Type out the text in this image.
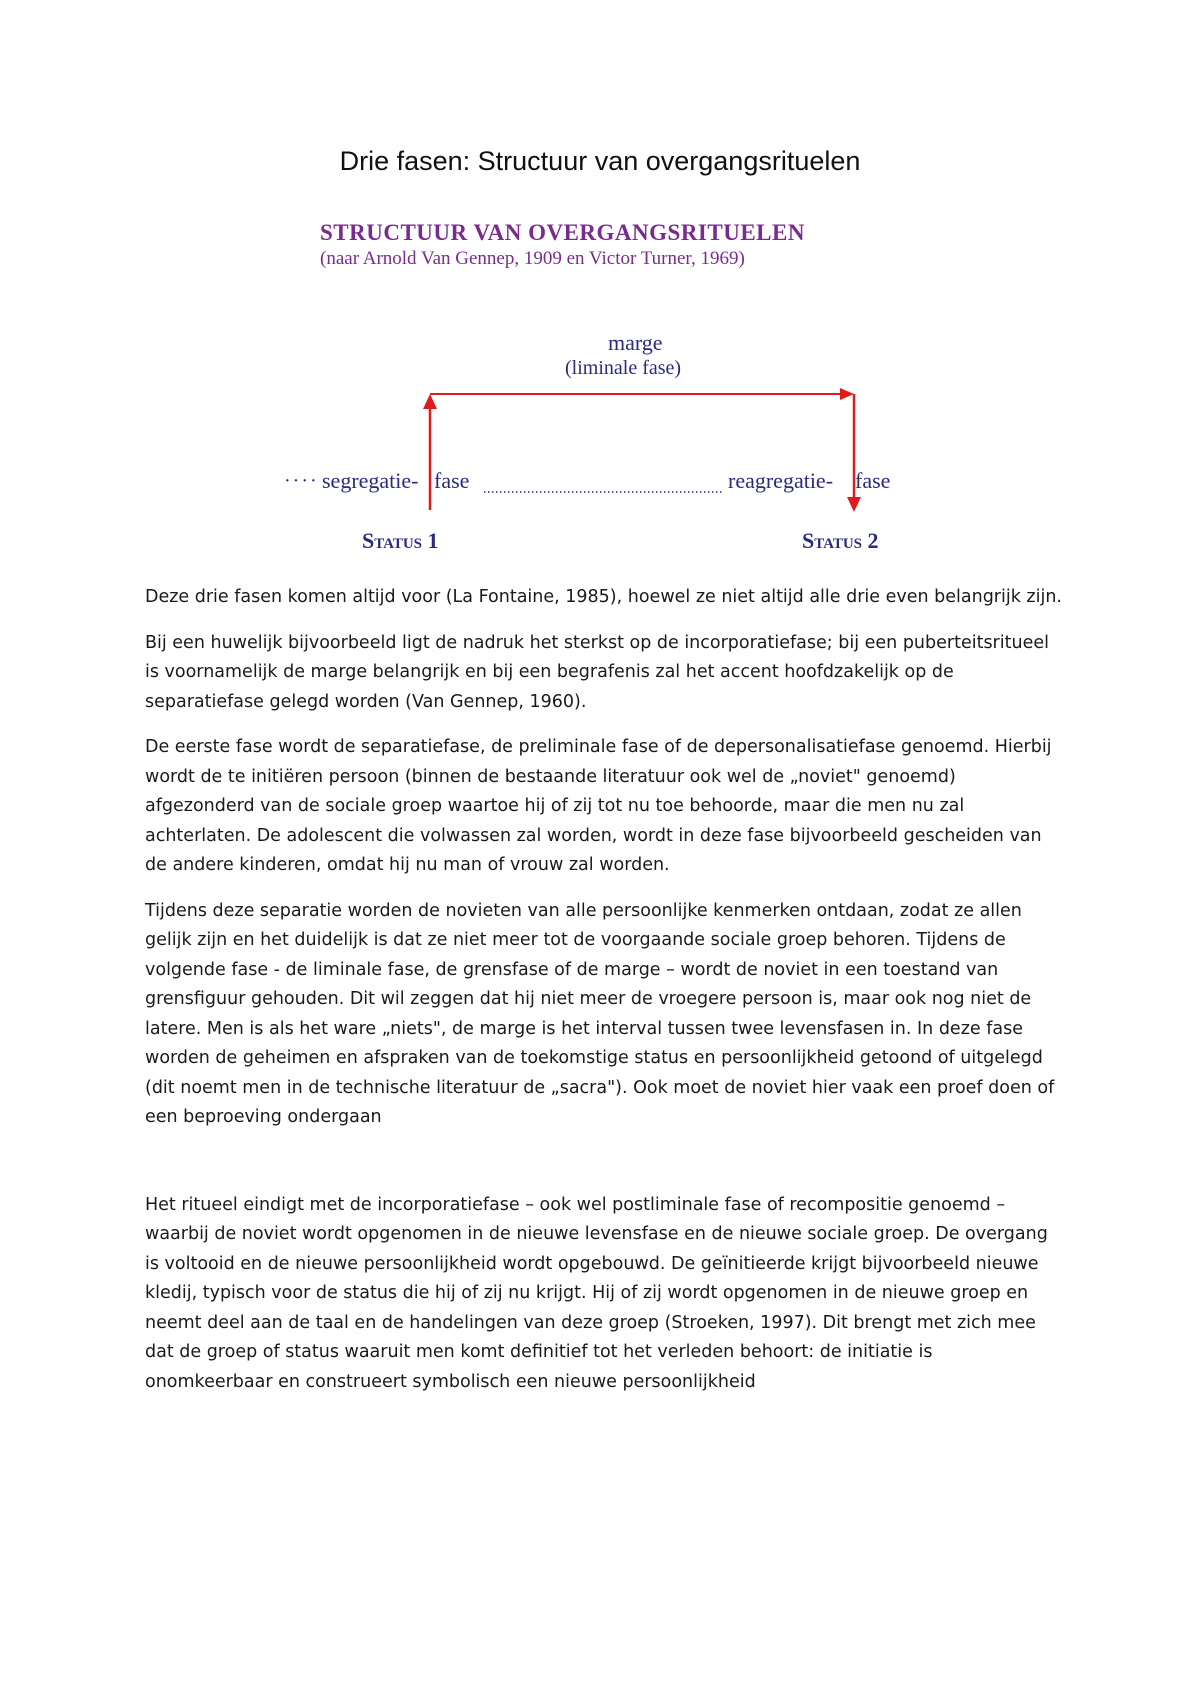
Drie fasen: Structuur van overgangsrituelen
STRUCTUUR VAN OVERGANGSRITUELEN
(naar Arnold Van Gennep, 1909 en Victor Turner, 1969)
marge
(liminale fase)
···· segregatie- fase	reagregatie- fase
Status 1	Status 2

Deze drie fasen komen altijd voor (La Fontaine, 1985), hoewel ze niet altijd alle drie even belangrijk zijn.

Bij een huwelijk bijvoorbeeld ligt de nadruk het sterkst op de incorporatiefase; bij een puberteitsritueel is voornamelijk de marge belangrijk en bij een begrafenis zal het accent hoofdzakelijk op de separatiefase gelegd worden (Van Gennep, 1960).

De eerste fase wordt de separatiefase, de preliminale fase of de depersonalisatiefase genoemd. Hierbij wordt de te initiëren persoon (binnen de bestaande literatuur ook wel de „noviet" genoemd) afgezonderd van de sociale groep waartoe hij of zij tot nu toe behoorde, maar die men nu zal achterlaten. De adolescent die volwassen zal worden, wordt in deze fase bijvoorbeeld gescheiden van de andere kinderen, omdat hij nu man of vrouw zal worden.

Tijdens deze separatie worden de novieten van alle persoonlijke kenmerken ontdaan, zodat ze allen gelijk zijn en het duidelijk is dat ze niet meer tot de voorgaande sociale groep behoren. Tijdens de volgende fase - de liminale fase, de grensfase of de marge – wordt de noviet in een toestand van grensfiguur gehouden. Dit wil zeggen dat hij niet meer de vroegere persoon is, maar ook nog niet de latere. Men is als het ware „niets", de marge is het interval tussen twee levensfasen in. In deze fase worden de geheimen en afspraken van de toekomstige status en persoonlijkheid getoond of uitgelegd (dit noemt men in de technische literatuur de „sacra"). Ook moet de noviet hier vaak een proef doen of een beproeving ondergaan

Het ritueel eindigt met de incorporatiefase – ook wel postliminale fase of recompositie genoemd – waarbij de noviet wordt opgenomen in de nieuwe levensfase en de nieuwe sociale groep. De overgang is voltooid en de nieuwe persoonlijkheid wordt opgebouwd. De geïnitieerde krijgt bijvoorbeeld nieuwe kledij, typisch voor de status die hij of zij nu krijgt. Hij of zij wordt opgenomen in de nieuwe groep en neemt deel aan de taal en de handelingen van deze groep (Stroeken, 1997). Dit brengt met zich mee dat de groep of status waaruit men komt definitief tot het verleden behoort: de initiatie is onomkeerbaar en construeert symbolisch een nieuwe persoonlijkheid
